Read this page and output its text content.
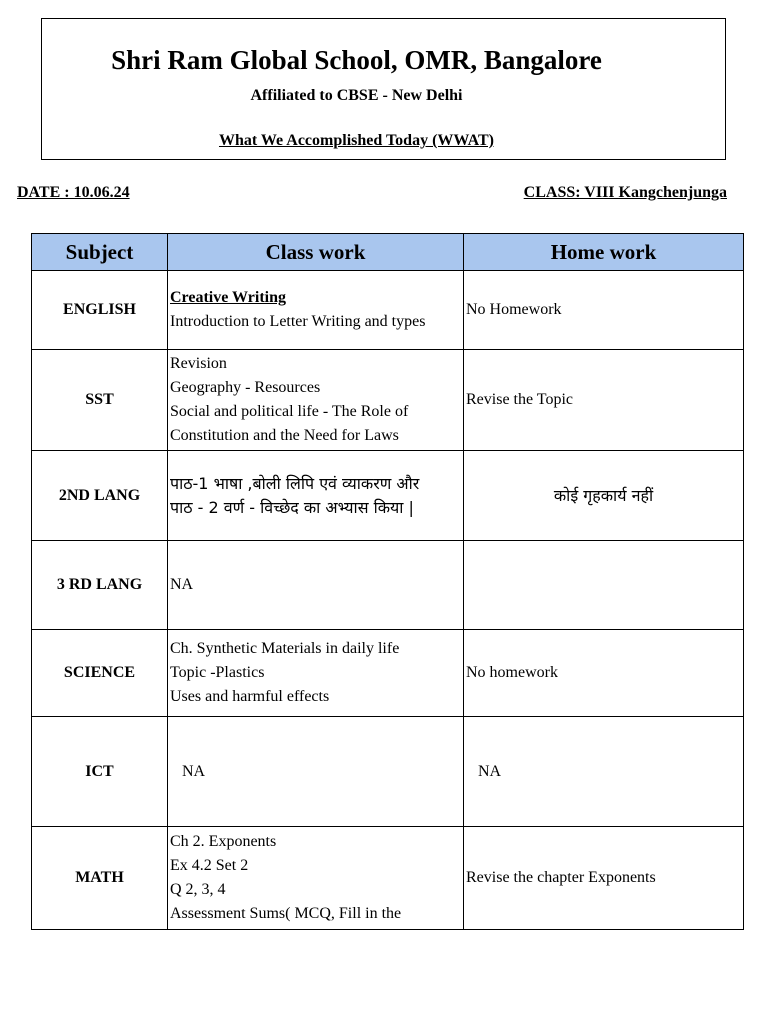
Shri Ram Global School, OMR, Bangalore
Affiliated to CBSE - New Delhi
What We Accomplished Today (WWAT)
DATE : 10.06.24	CLASS: VIII Kangchenjunga
Subject	Class work	Home work
ENGLISH	Creative Writing
Introduction to Letter Writing and types	No Homework
SST	Revision
Geography - Resources
Social and political life - The Role of
Constitution and the Need for Laws	Revise the Topic
2ND LANG	पाठ-1 भाषा ,बोली लिपि एवं व्याकरण और
पाठ - 2 वर्ण - विच्छेद का अभ्यास किया |	कोई गृहकार्य नहीं
3 RD LANG	NA	
SCIENCE	Ch. Synthetic Materials in daily life
Topic -Plastics
Uses and harmful effects	No homework
ICT	NA	NA
MATH	Ch 2. Exponents
Ex 4.2 Set 2
Q 2, 3, 4
Assessment Sums( MCQ, Fill in the	Revise the chapter Exponents
